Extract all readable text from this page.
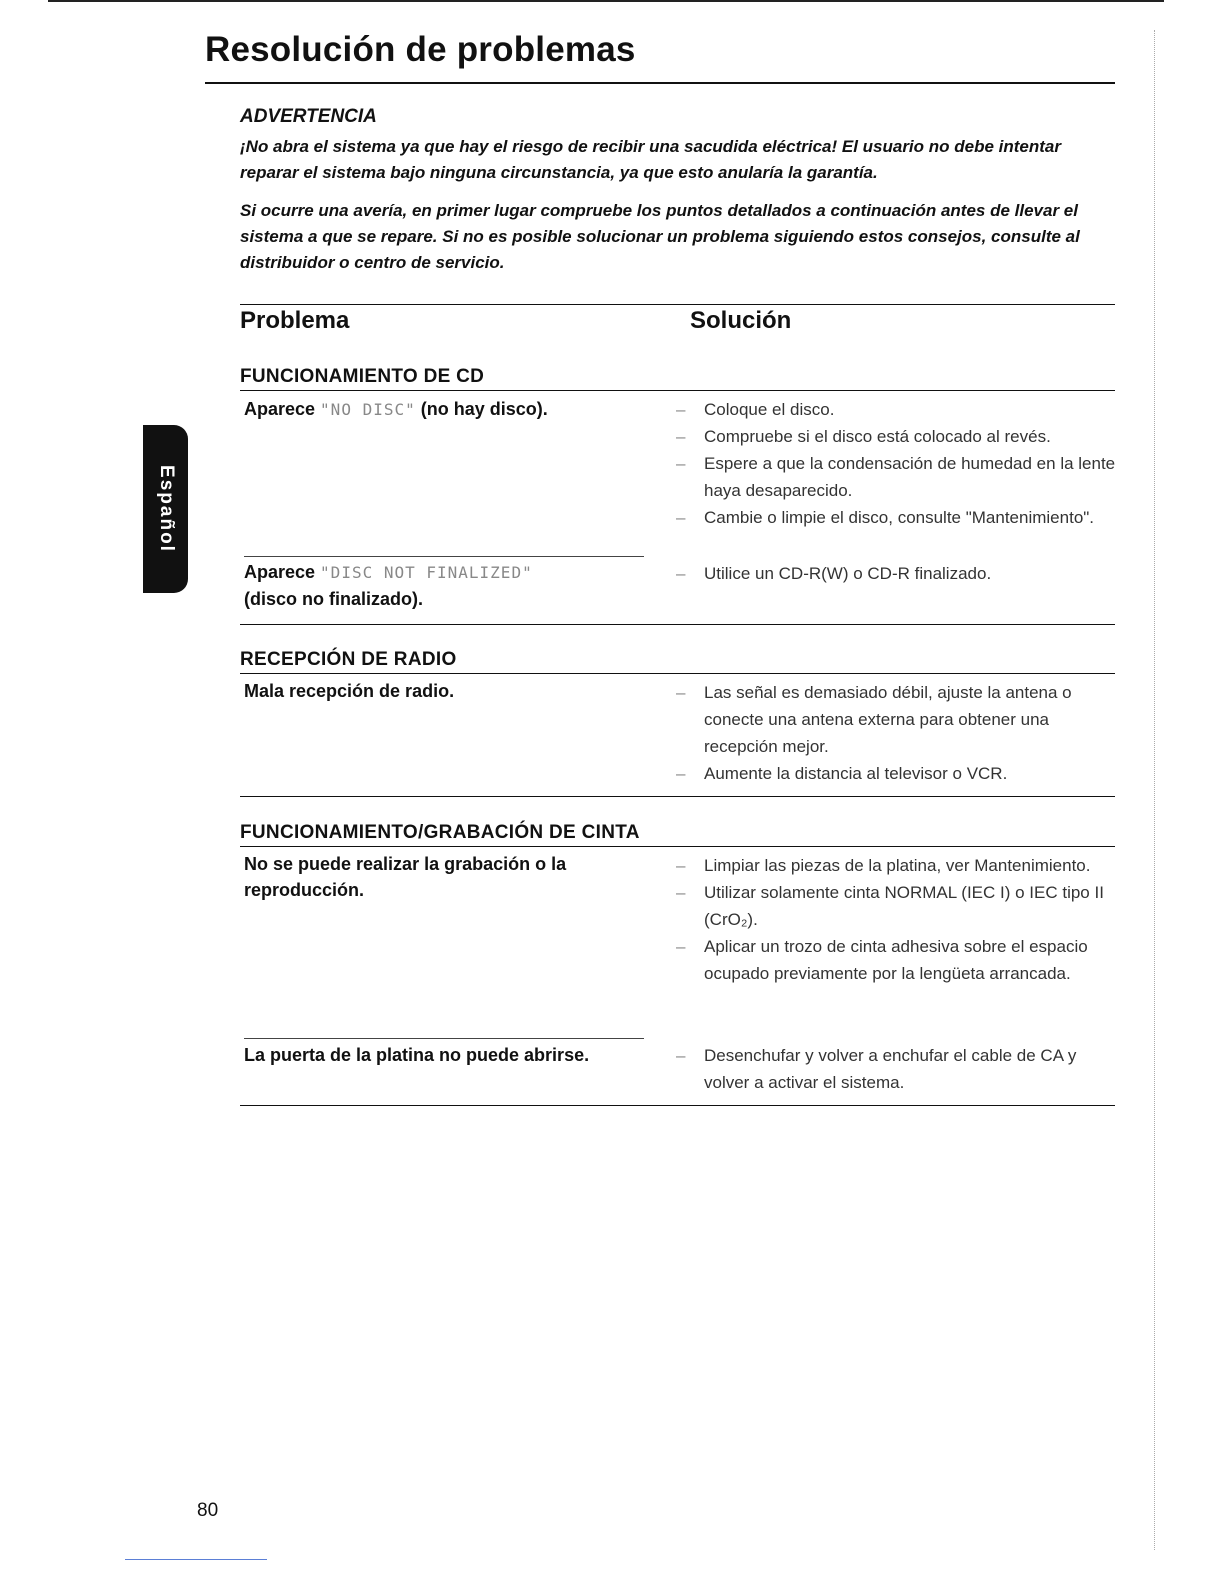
Resolución de problemas
ADVERTENCIA

¡No abra el sistema ya que hay el riesgo de recibir una sacudida eléctrica! El usuario no debe intentar reparar el sistema bajo ninguna circunstancia, ya que esto anularía la garantía.

Si ocurre una avería, en primer lugar compruebe los puntos detallados a continuación antes de llevar el sistema a que se repare. Si no es posible solucionar un problema siguiendo estos consejos, consulte al distribuidor o centro de servicio.

Problema	Solución
FUNCIONAMIENTO DE CD
Aparece "NO DISC" (no hay disco).	– Coloque el disco.
– Compruebe si el disco está colocado al revés.
– Espere a que la condensación de humedad en la lente haya desaparecido.
– Cambie o limpie el disco, consulte "Mantenimiento".
Aparece "DISC NOT FINALIZED"
(disco no finalizado).
– Utilice un CD-R(W) o CD-R finalizado.
RECEPCIÓN DE RADIO
Mala recepción de radio.	– Las señal es demasiado débil, ajuste la antena o conecte una antena externa para obtener una recepción mejor.
– Aumente la distancia al televisor o VCR.
FUNCIONAMIENTO/GRABACIÓN DE CINTA
No se puede realizar la grabación o la reproducción.
– Limpiar las piezas de la platina, ver Mantenimiento.
– Utilizar solamente cinta NORMAL (IEC I) o IEC tipo II (CrO₂).
– Aplicar un trozo de cinta adhesiva sobre el espacio ocupado previamente por la lengüeta arrancada.
La puerta de la platina no puede abrirse.	– Desenchufar y volver a enchufar el cable de CA y volver a activar el sistema.
Español
80
